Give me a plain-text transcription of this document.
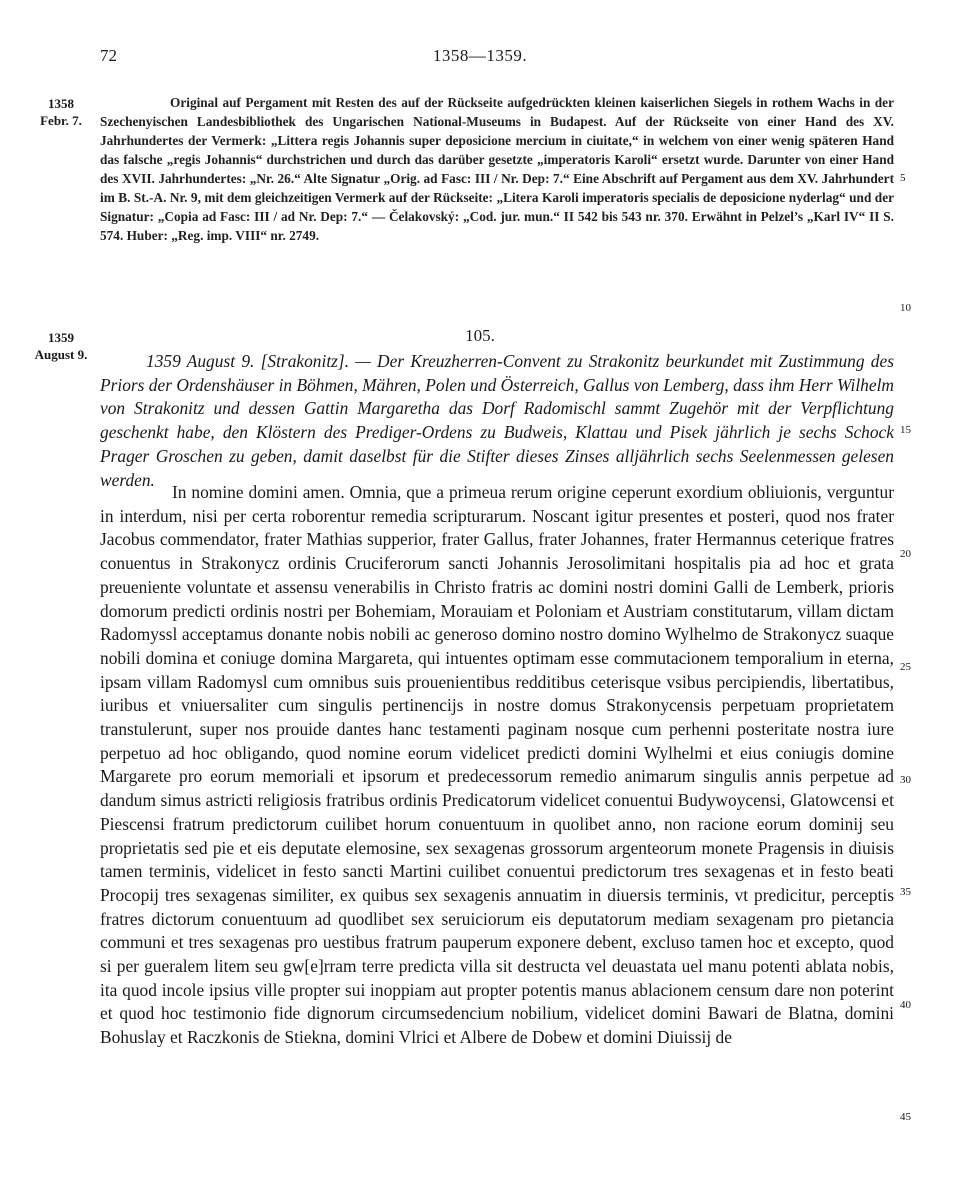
72	1358—1359.
1358
Febr. 7.
1359
August 9.
5
10
15
20
25
30
35
40
45

Original auf Pergament mit Resten des auf der Rückseite aufgedrückten kleinen kaiserlichen Siegels in rothem Wachs in der Szechenyischen Landesbibliothek des Ungarischen National-Museums in Budapest. Auf der Rückseite von einer Hand des XV. Jahrhundertes der Vermerk: „Littera regis Johannis super deposicione mercium in ciuitate,“ in welchem von einer wenig späteren Hand das falsche „regis Johannis“ durchstrichen und durch das darüber gesetzte „imperatoris Karoli“ ersetzt wurde. Darunter von einer Hand des XVII. Jahrhundertes: „Nr. 26.“ Alte Signatur „Orig. ad Fasc: III / Nr. Dep: 7.“ Eine Abschrift auf Pergament aus dem XV. Jahrhundert im B. St.-A. Nr. 9, mit dem gleichzeitigen Vermerk auf der Rückseite: „Litera Karoli imperatoris specialis de deposicione nyderlag“ und der Signatur: „Copia ad Fasc: III / ad Nr. Dep: 7.“ — Čelakovský: „Cod. jur. mun.“ II 542 bis 543 nr. 370. Erwähnt in Pelzel’s „Karl IV“ II S. 574. Huber: „Reg. imp. VIII“ nr. 2749.

105.

1359 August 9. [Strakonitz]. — Der Kreuzherren-Convent zu Strakonitz beurkundet mit Zustimmung des Priors der Ordenshäuser in Böhmen, Mähren, Polen und Österreich, Gallus von Lemberg, dass ihm Herr Wilhelm von Strakonitz und dessen Gattin Margaretha das Dorf Radomischl sammt Zugehör mit der Verpflichtung geschenkt habe, den Klöstern des Prediger-Ordens zu Budweis, Klattau und Pisek jährlich je sechs Schock Prager Groschen zu geben, damit daselbst für die Stifter dieses Zinses alljährlich sechs Seelenmessen gelesen werden.

In nomine domini amen. Omnia, que a primeua rerum origine ceperunt exordium obliuionis, verguntur in interdum, nisi per certa roborentur remedia scripturarum. Noscant igitur presentes et posteri, quod nos frater Jacobus commendator, frater Mathias supperior, frater Gallus, frater Johannes, frater Hermannus ceterique fratres conuentus in Strakonycz ordinis Cruciferorum sancti Johannis Jerosolimitani hospitalis pia ad hoc et grata preueniente voluntate et assensu venerabilis in Christo fratris ac domini nostri domini Galli de Lemberk, prioris domorum predicti ordinis nostri per Bohemiam, Morauiam et Poloniam et Austriam constitutarum, villam dictam Radomyssl acceptamus donante nobis nobili ac generoso domino nostro domino Wylhelmo de Strakonycz suaque nobili domina et coniuge domina Margareta, qui intuentes optimam esse commutacionem temporalium in eterna, ipsam villam Radomysl cum omnibus suis prouenientibus redditibus ceterisque vsibus percipiendis, libertatibus, iuribus et vniuersaliter cum singulis pertinencijs in nostre domus Strakonycensis perpetuam proprietatem transtulerunt, super nos prouide dantes hanc testamenti paginam nosque cum perhenni posteritate nostra iure perpetuo ad hoc obligando, quod nomine eorum videlicet predicti domini Wylhelmi et eius coniugis domine Margarete pro eorum memoriali et ipsorum et predecessorum remedio animarum singulis annis perpetue ad dandum simus astricti religiosis fratribus ordinis Predicatorum videlicet conuentui Budywoycensi, Glatowcensi et Piescensi fratrum predictorum cuilibet horum conuentuum in quolibet anno, non racione eorum dominij seu proprietatis sed pie et eis deputate elemosine, sex sexagenas grossorum argenteorum monete Pragensis in diuisis tamen terminis, videlicet in festo sancti Martini cuilibet conuentui predictorum tres sexagenas et in festo beati Procopij tres sexagenas similiter, ex quibus sex sexagenis annuatim in diuersis terminis, vt predicitur, perceptis fratres dictorum conuentuum ad quodlibet sex seruiciorum eis deputatorum mediam sexagenam pro pietancia communi et tres sexagenas pro uestibus fratrum pauperum exponere debent, excluso tamen hoc et excepto, quod si per gueralem litem seu gw[e]rram terre predicta villa sit destructa vel deuastata uel manu potenti ablata nobis, ita quod incole ipsius ville propter sui inoppiam aut propter potentis manus ablacionem censum dare non poterint et quod hoc testimonio fide dignorum circumsedencium nobilium, videlicet domini Bawari de Blatna, domini Bohuslay et Raczkonis de Stiekna, domini Vlrici et Albere de Dobew et domini Diuissij de
